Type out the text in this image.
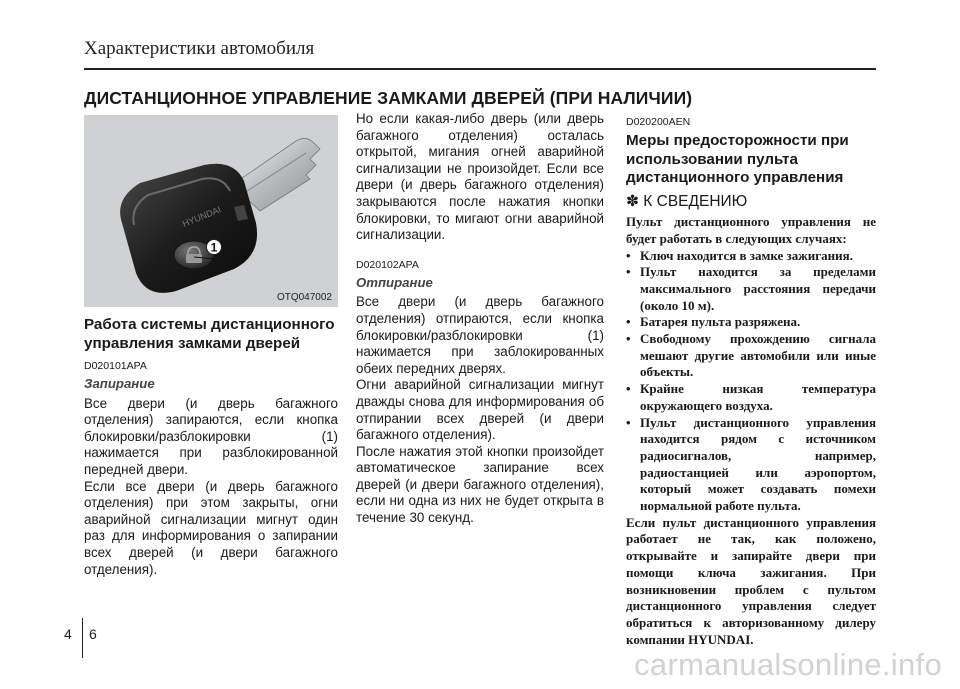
Характеристики автомобиля
ДИСТАНЦИОННОЕ УПРАВЛЕНИЕ ЗАМКАМИ ДВЕРЕЙ (ПРИ НАЛИЧИИ)
HYUNDAI
1
OTQ047002

Работа системы дистанционного управления замками дверей

D020101APA

Запирание

Все двери (и дверь багажного отделения) запираются, если кнопка блокировки/разблокировки (1) нажимается при разблокированной передней двери.

Если все двери (и дверь багажного отделения) при этом закрыты, огни аварийной сигнализации мигнут один раз для информирования о запирании всех дверей (и двери багажного отделения).

Но если какая-либо дверь (или дверь багажного отделения) осталась открытой, мигания огней аварийной сигнализации не произойдет. Если все двери (и дверь багажного отделения) закрываются после нажатия кнопки блокировки, то мигают огни аварийной сигнализации.

D020102APA

Отпирание

Все двери (и дверь багажного отделения) отпираются, если кнопка блокировки/разблокировки (1) нажимается при заблокированных обеих передних дверях.

Огни аварийной сигнализации мигнут дважды снова для информирования об отпирании всех дверей (и двери багажного отделения).

После нажатия этой кнопки произойдет автоматическое запирание всех дверей (и двери багажного отделения), если ни одна из них не будет открыта в течение 30 секунд.

D020200AEN

Меры предосторожности при использовании пульта дистанционного управления

✽ К СВЕДЕНИЮ

Пульт дистанционного управления не будет работать в следующих случаях:

• Ключ находится в замке зажигания.
• Пульт находится за пределами максимального расстояния передачи (около 10 м).
• Батарея пульта разряжена.
• Свободному прохождению сигнала мешают другие автомобили или иные объекты.
• Крайне низкая температура окружающего воздуха.
• Пульт дистанционного управления находится рядом с источником радиосигналов, например, радиостанцией или аэропортом, который может создавать помехи нормальной работе пульта.

Если пульт дистанционного управления работает не так, как положено, открывайте и запирайте двери при помощи ключа зажигания. При возникновении проблем с пультом дистанционного управления следует обратиться к авторизованному дилеру компании HYUNDAI.

4 6
carmanualsonline.info
